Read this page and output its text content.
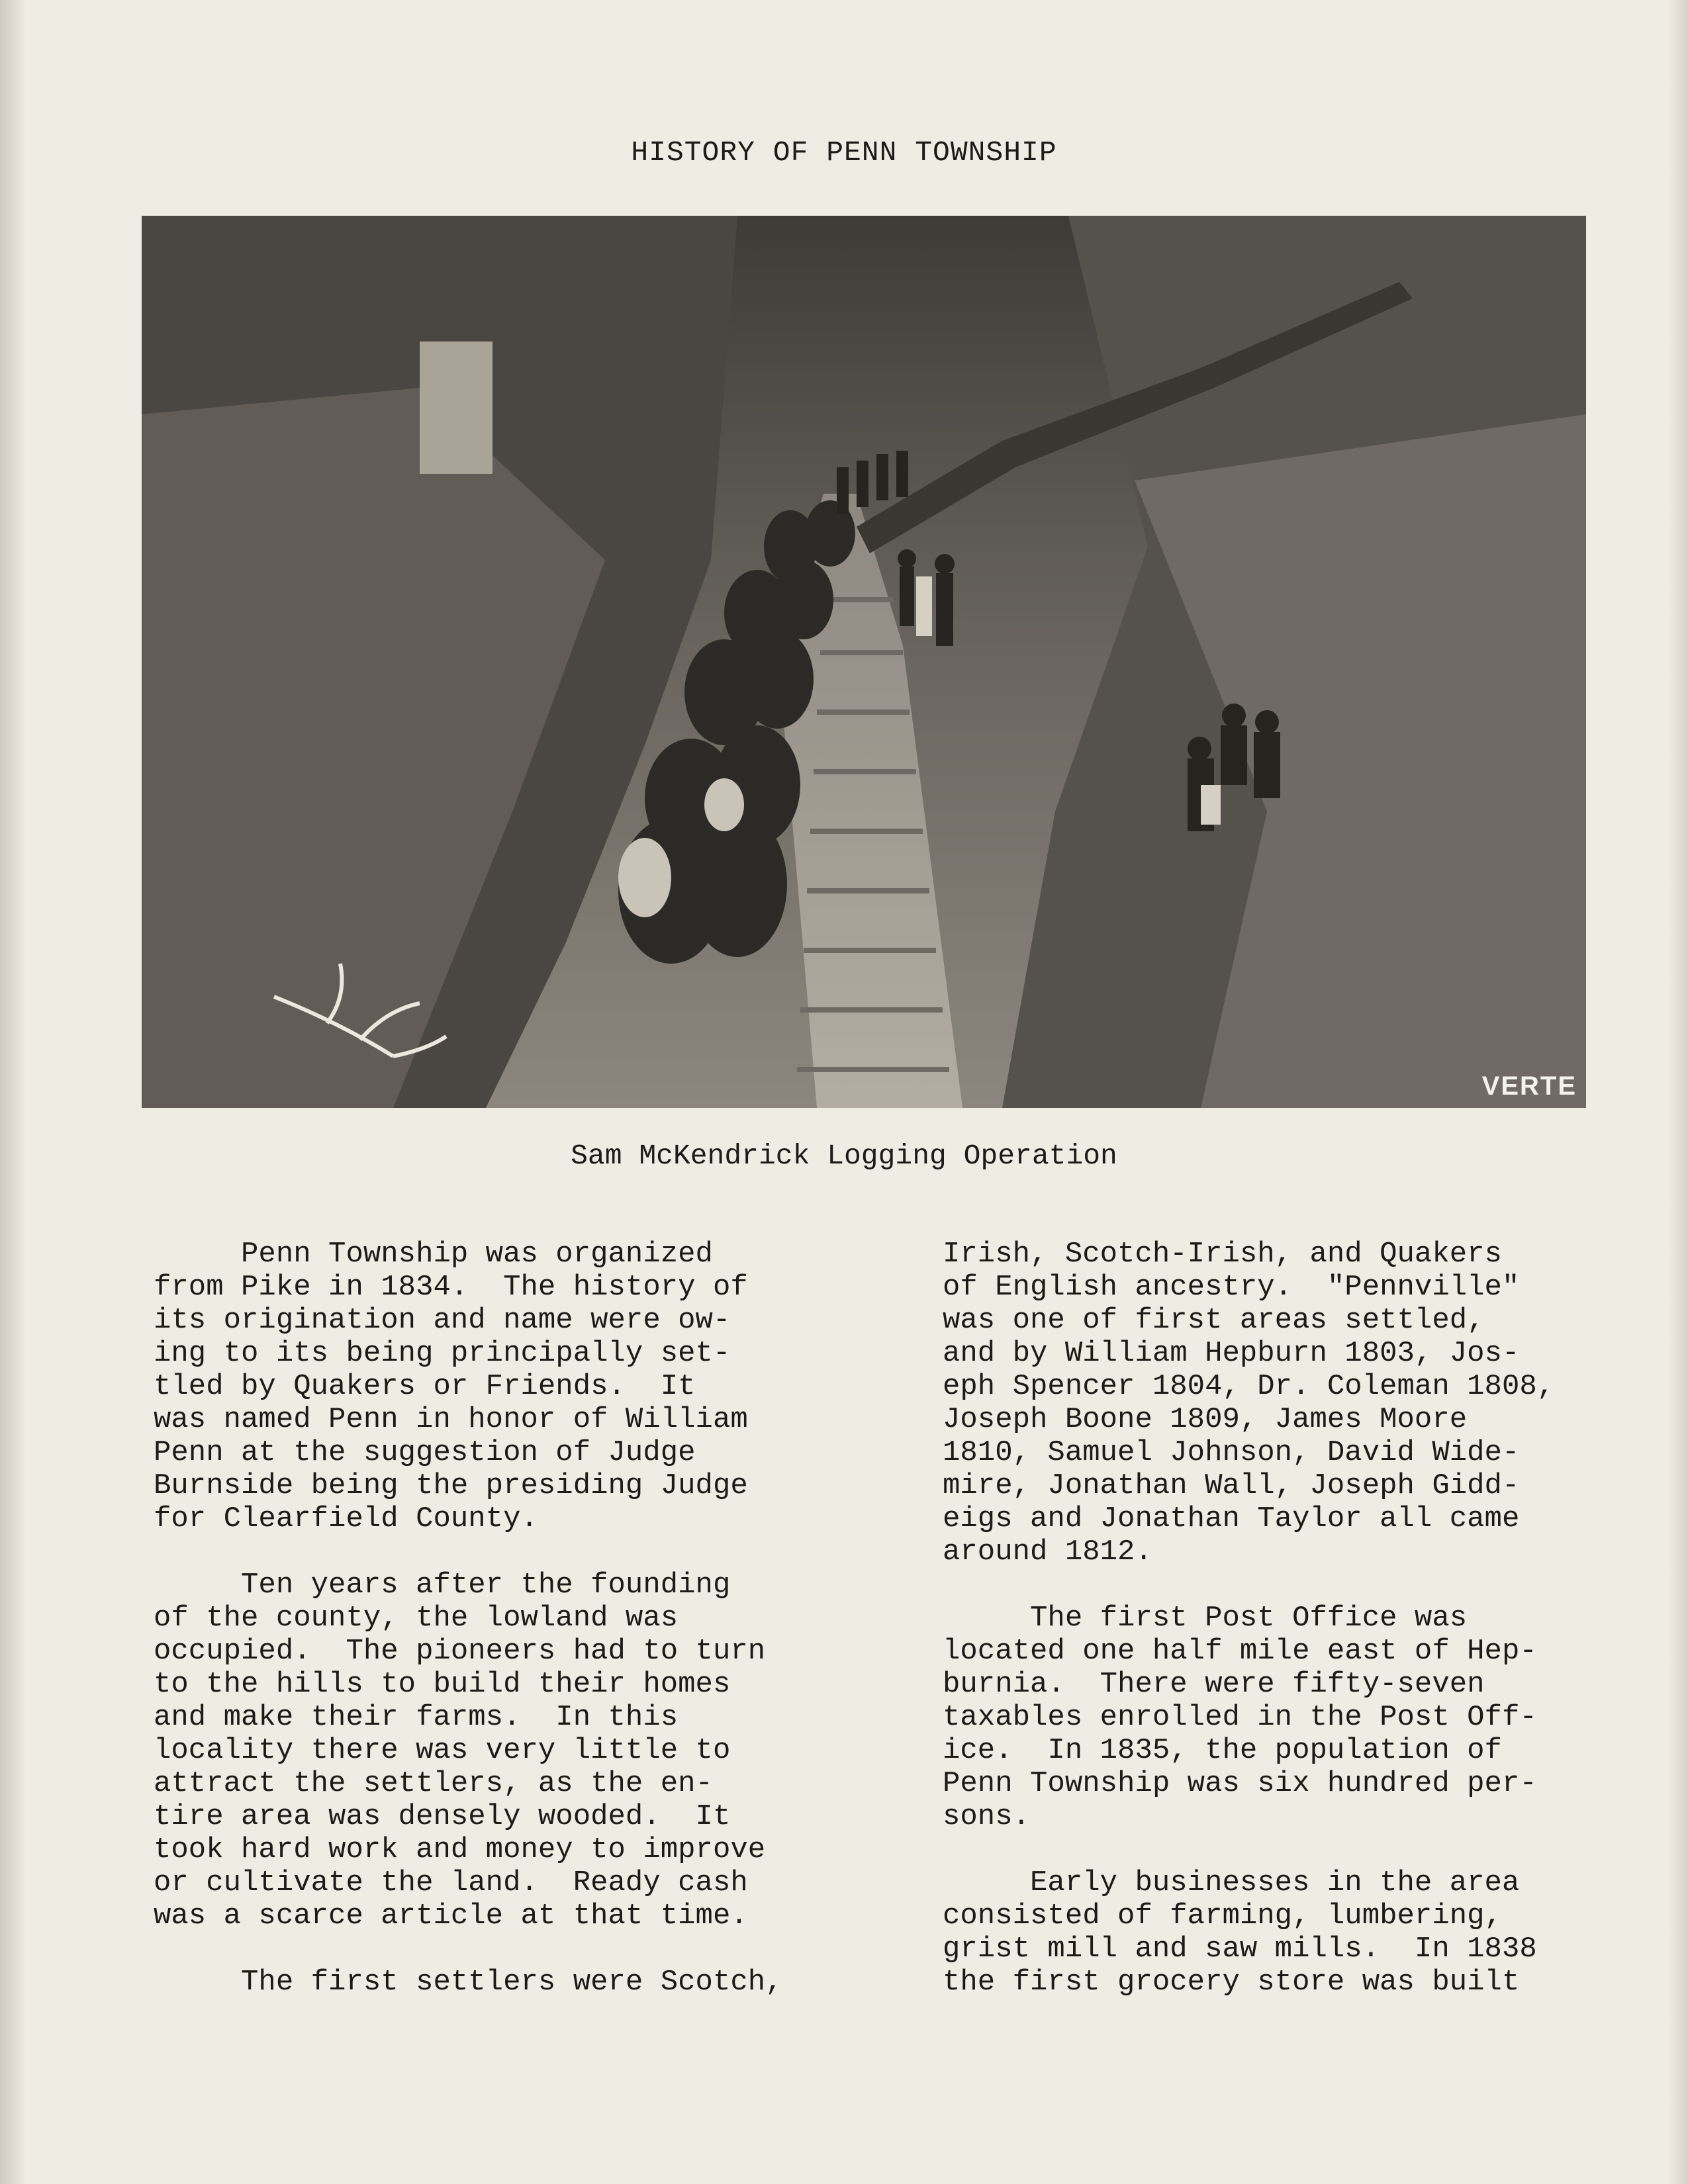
HISTORY OF PENN TOWNSHIP
VERTE
Sam McKendrick Logging Operation

Penn Township was organized
from Pike in 1834.  The history of
its origination and name were ow-
ing to its being principally set-
tled by Quakers or Friends.  It
was named Penn in honor of William
Penn at the suggestion of Judge
Burnside being the presiding Judge
for Clearfield County.

Ten years after the founding
of the county, the lowland was
occupied.  The pioneers had to turn
to the hills to build their homes
and make their farms.  In this
locality there was very little to
attract the settlers, as the en-
tire area was densely wooded.  It
took hard work and money to improve
or cultivate the land.  Ready cash
was a scarce article at that time.

The first settlers were Scotch,

Irish, Scotch-Irish, and Quakers
of English ancestry.  "Pennville"
was one of first areas settled,
and by William Hepburn 1803, Jos-
eph Spencer 1804, Dr. Coleman 1808,
Joseph Boone 1809, James Moore
1810, Samuel Johnson, David Wide-
mire, Jonathan Wall, Joseph Gidd-
eigs and Jonathan Taylor all came
around 1812.

The first Post Office was
located one half mile east of Hep-
burnia.  There were fifty-seven
taxables enrolled in the Post Off-
ice.  In 1835, the population of
Penn Township was six hundred per-
sons.

Early businesses in the area
consisted of farming, lumbering,
grist mill and saw mills.  In 1838
the first grocery store was built
